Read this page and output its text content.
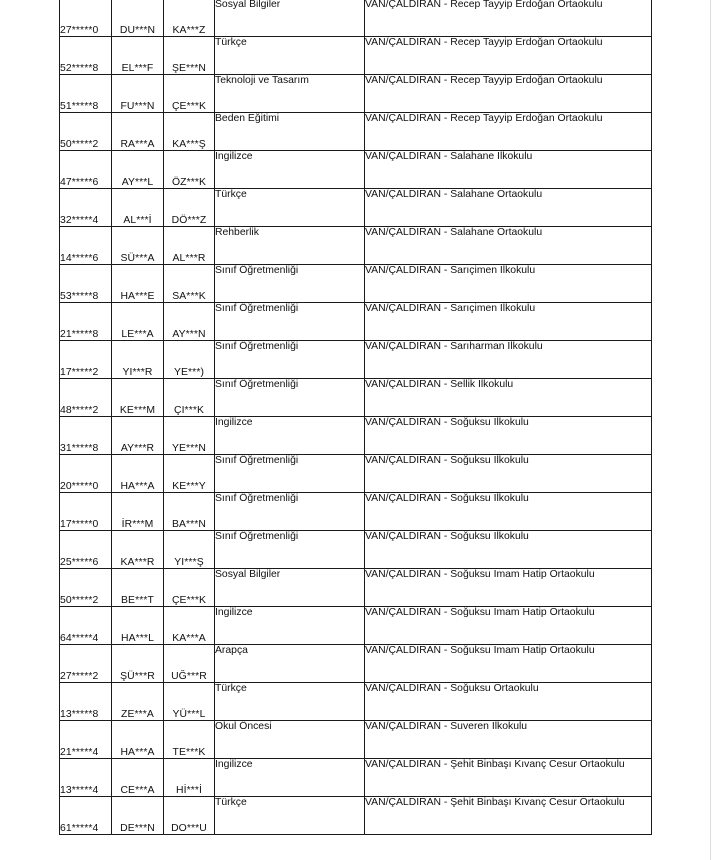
27*****0	DU***N	KA***Z	Sosyal Bilgiler	VAN/ÇALDIRAN - Recep Tayyip Erdoğan Ortaokulu
52*****8	EL***F	ŞE***N	Türkçe	VAN/ÇALDIRAN - Recep Tayyip Erdoğan Ortaokulu
51*****8	FU***N	ÇE***K	Teknoloji ve Tasarım	VAN/ÇALDIRAN - Recep Tayyip Erdoğan Ortaokulu
50*****2	RA***A	KA***Ş	Beden Eğitimi	VAN/ÇALDIRAN - Recep Tayyip Erdoğan Ortaokulu
47*****6	AY***L	ÖZ***K	İngilizce	VAN/ÇALDIRAN - Salahane İlkokulu
32*****4	AL***İ	DÖ***Z	Türkçe	VAN/ÇALDIRAN - Salahane Ortaokulu
14*****6	SÜ***A	AL***R	Rehberlik	VAN/ÇALDIRAN - Salahane Ortaokulu
53*****8	HA***E	SA***K	Sınıf Öğretmenliği	VAN/ÇALDIRAN - Sarıçimen İlkokulu
21*****8	LE***A	AY***N	Sınıf Öğretmenliği	VAN/ÇALDIRAN - Sarıçimen İlkokulu
17*****2	YI***R	YE***)	Sınıf Öğretmenliği	VAN/ÇALDIRAN - Sarıharman İlkokulu
48*****2	KE***M	ÇI***K	Sınıf Öğretmenliği	VAN/ÇALDIRAN - Sellik İlkokulu
31*****8	AY***R	YE***N	İngilizce	VAN/ÇALDIRAN - Soğuksu İlkokulu
20*****0	HA***A	KE***Y	Sınıf Öğretmenliği	VAN/ÇALDIRAN - Soğuksu İlkokulu
17*****0	İR***M	BA***N	Sınıf Öğretmenliği	VAN/ÇALDIRAN - Soğuksu İlkokulu
25*****6	KA***R	YI***Ş	Sınıf Öğretmenliği	VAN/ÇALDIRAN - Soğuksu İlkokulu
50*****2	BE***T	ÇE***K	Sosyal Bilgiler	VAN/ÇALDIRAN - Soğuksu İmam Hatip Ortaokulu
64*****4	HA***L	KA***A	İngilizce	VAN/ÇALDIRAN - Soğuksu İmam Hatip Ortaokulu
27*****2	ŞÜ***R	UĞ***R	Arapça	VAN/ÇALDIRAN - Soğuksu İmam Hatip Ortaokulu
13*****8	ZE***A	YÜ***L	Türkçe	VAN/ÇALDIRAN - Soğuksu Ortaokulu
21*****4	HA***A	TE***K	Okul Öncesi	VAN/ÇALDIRAN - Suveren İlkokulu
13*****4	CE***A	Hİ***İ	İngilizce	VAN/ÇALDIRAN - Şehit Binbaşı Kıvanç Cesur Ortaokulu
61*****4	DE***N	DO***U	Türkçe	VAN/ÇALDIRAN - Şehit Binbaşı Kıvanç Cesur Ortaokulu
